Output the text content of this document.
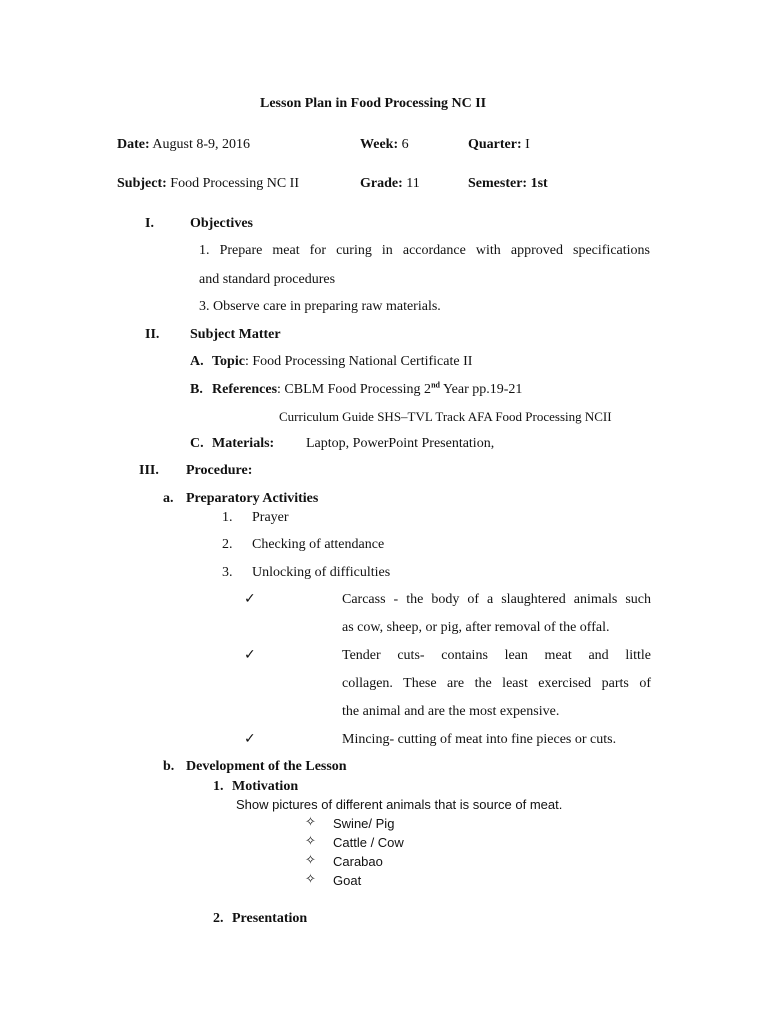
Lesson Plan in Food Processing NC II
Date: August 8-9, 2016	Week: 6	Quarter: I
Subject: Food Processing NC II	Grade: 11	Semester: 1st
I.	Objectives
1. Prepare meat for curing in accordance with approved specifications
and standard procedures
3. Observe care in preparing raw materials.
II. Subject Matter
A. Topic: Food Processing National Certificate II
B. References: CBLM Food Processing 2nd Year pp.19-21
Curriculum Guide SHS–TVL Track AFA Food Processing NCII
C. Materials: Laptop, PowerPoint Presentation,
III. Procedure:
a. Preparatory Activities
1. Prayer
2. Checking of attendance
3. Unlocking of difficulties
✓	Carcass - the body of a slaughtered animals such
as cow, sheep, or pig, after removal of the offal.
✓	Tender cuts- contains lean meat and little
collagen. These are the least exercised parts of
the animal and are the most expensive.
✓	Mincing- cutting of meat into fine pieces or cuts.
b. Development of the Lesson
1. Motivation
Show pictures of different animals that is source of meat.
✧ Swine/ Pig
✧ Cattle / Cow
✧ Carabao
✧ Goat
2. Presentation
